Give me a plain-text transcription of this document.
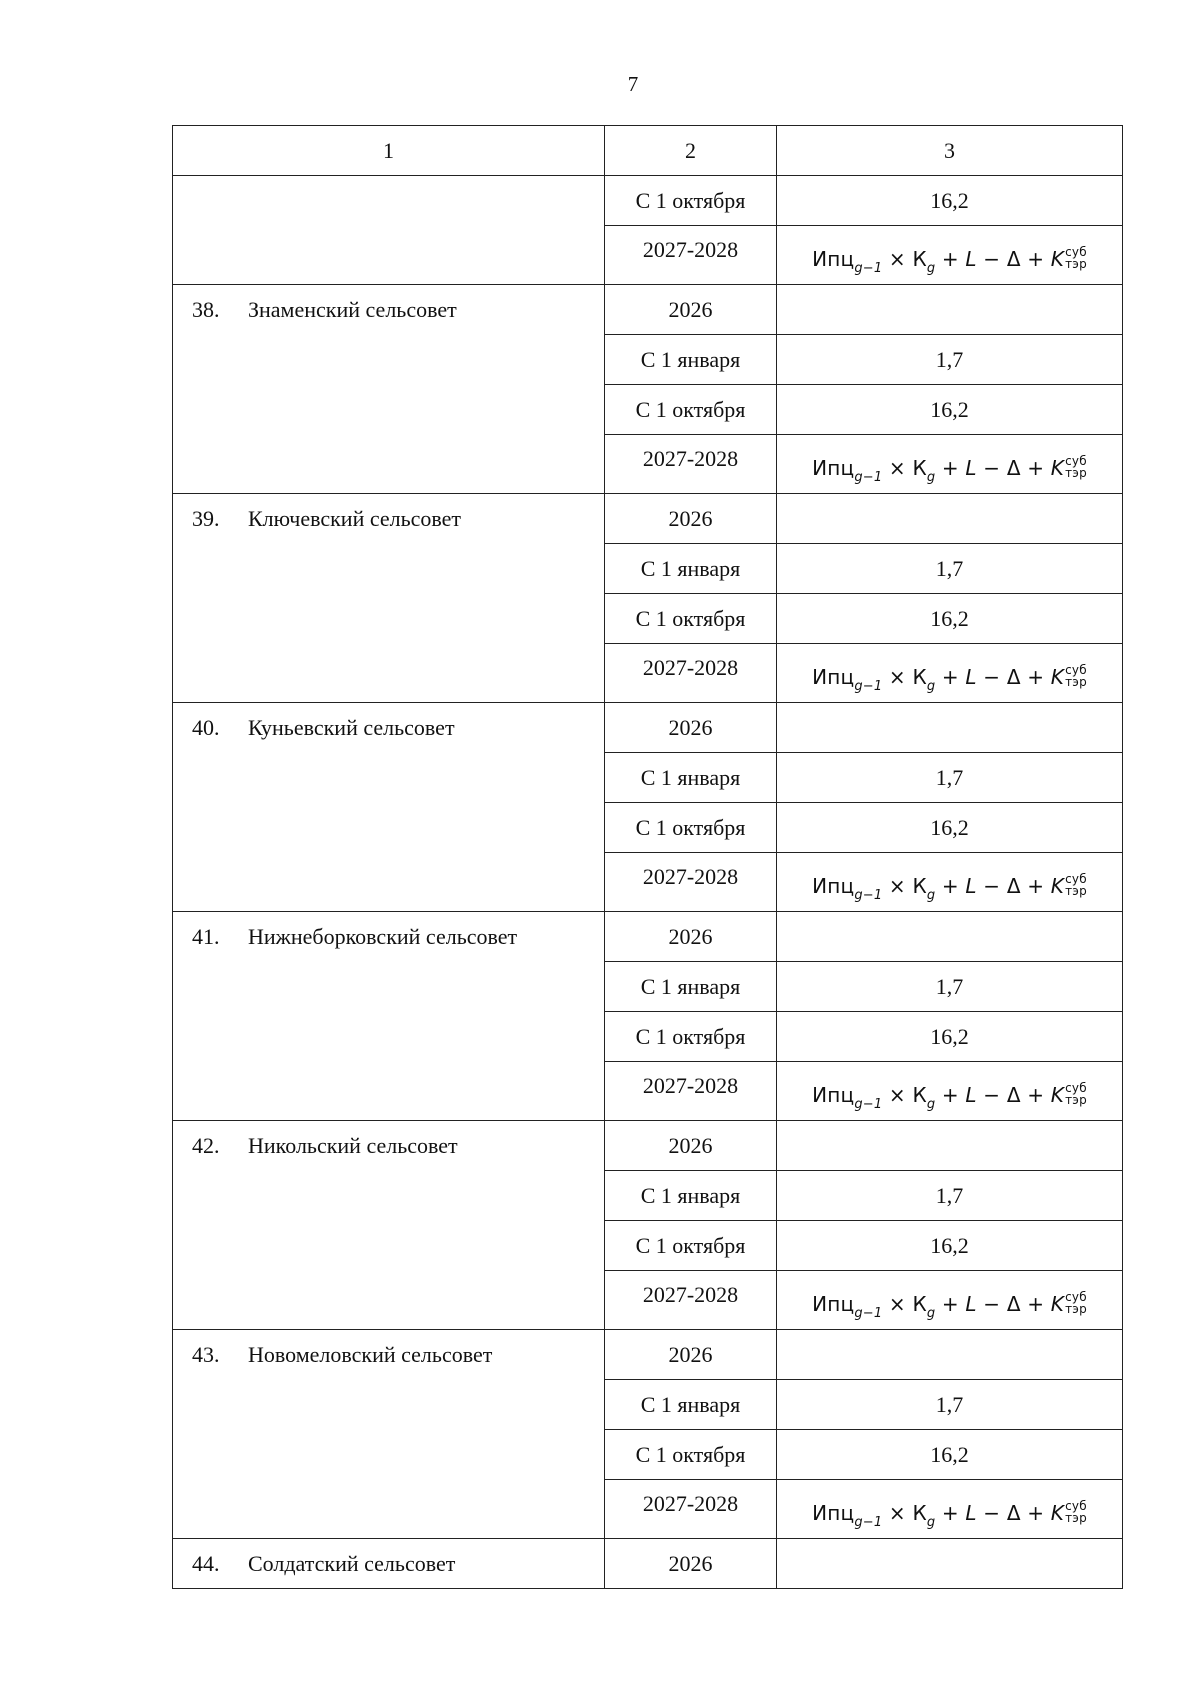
7
1	2	3
	С 1 октября	16,2
	2027-2028	$Ипц_{g-1} \times К_g + L - \Delta + K$ суб
тэр

38. Знаменский сельсовет	2026	
	С 1 января	1,7
	С 1 октября	16,2
	2027-2028	$Ипц_{g-1} \times К_g + L - \Delta + K$ суб
тэр

39. Ключевский сельсовет	2026	
	С 1 января	1,7
	С 1 октября	16,2
	2027-2028	$Ипц_{g-1} \times К_g + L - \Delta + K$ суб
тэр

40. Куньевский сельсовет	2026	
	С 1 января	1,7
	С 1 октября	16,2
	2027-2028	$Ипц_{g-1} \times К_g + L - \Delta + K$ суб
тэр

41. Нижнеборковский сельсовет	2026	
	С 1 января	1,7
	С 1 октября	16,2
	2027-2028	$Ипц_{g-1} \times К_g + L - \Delta + K$ суб
тэр

42. Никольский сельсовет	2026	
	С 1 января	1,7
	С 1 октября	16,2
	2027-2028	$Ипц_{g-1} \times К_g + L - \Delta + K$ суб
тэр

43. Новомеловский сельсовет	2026	
	С 1 января	1,7
	С 1 октября	16,2
	2027-2028	$Ипц_{g-1} \times К_g + L - \Delta + K$ суб
тэр

44. Солдатский сельсовет	2026	
